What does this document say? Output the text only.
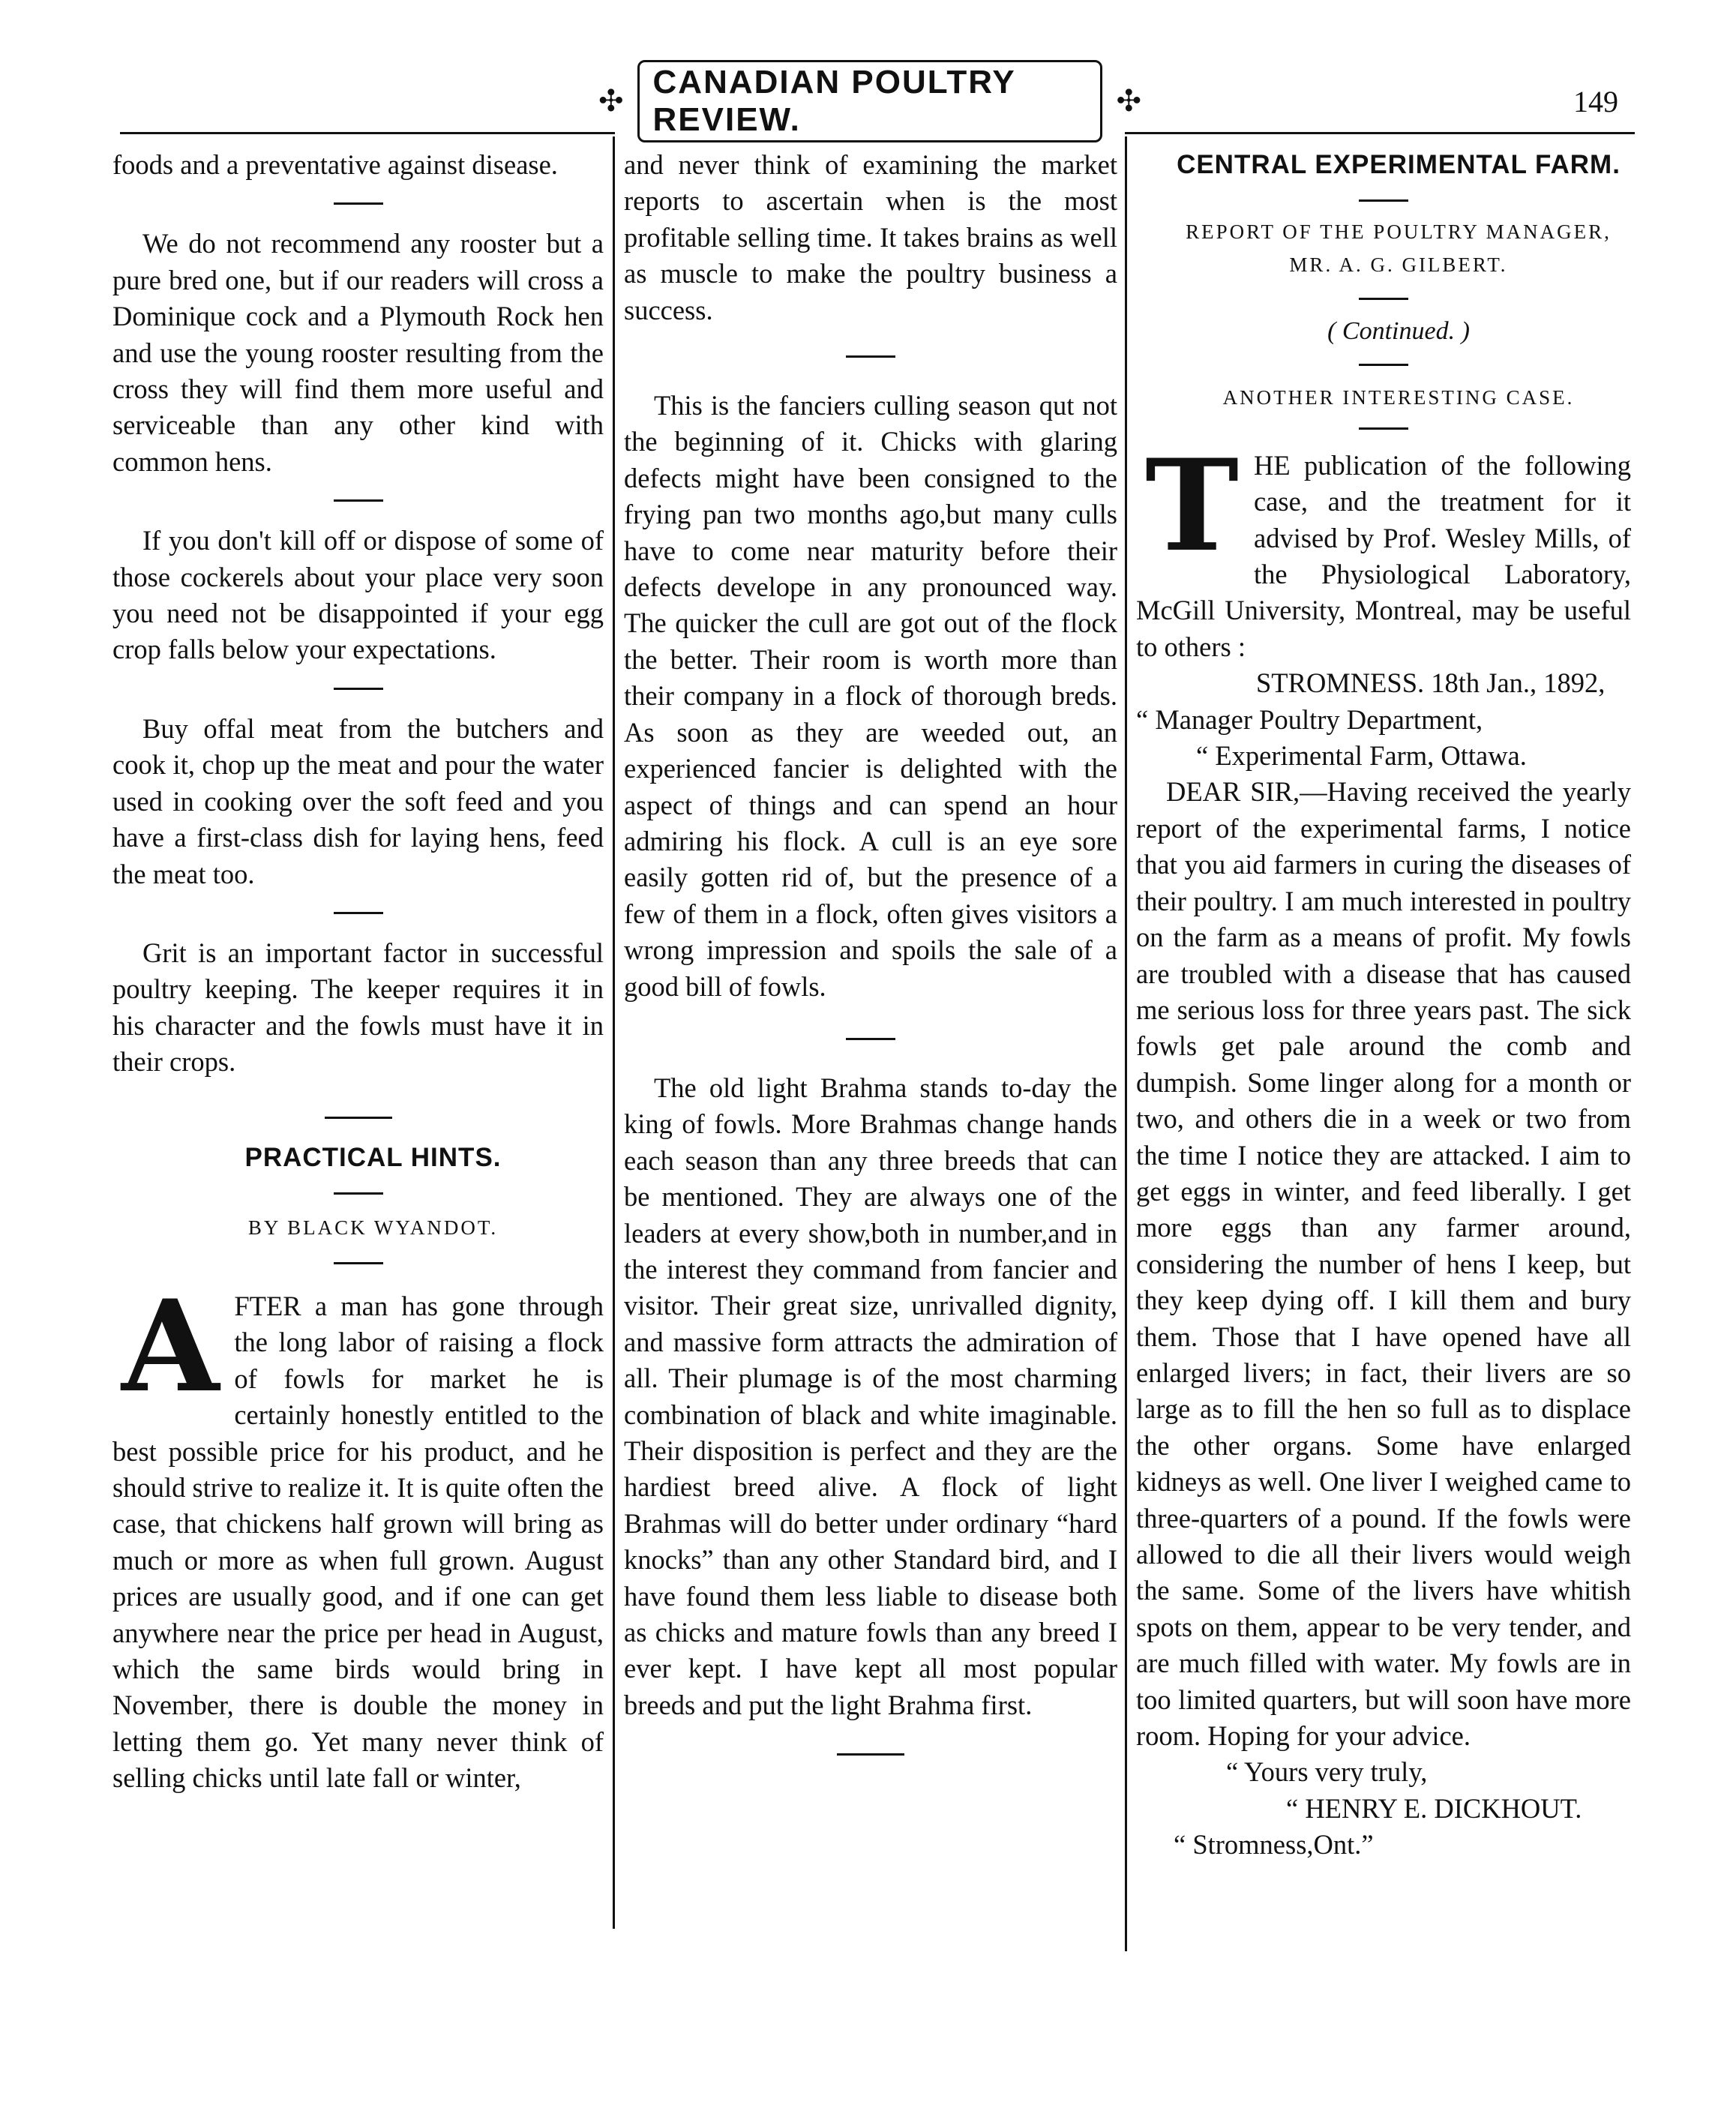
✣
CANADIAN POULTRY REVIEW.	✣	149

foods and a preventative against disease.

We do not recommend any rooster but a pure bred one, but if our readers will cross a Dominique cock and a Plymouth Rock hen and use the young rooster resulting from the cross they will find them more useful and serviceable than any other kind with common hens.

If you don't kill off or dispose of some of those cockerels about your place very soon you need not be disappointed if your egg crop falls below your expectations.

Buy offal meat from the butchers and cook it, chop up the meat and pour the water used in cooking over the soft feed and you have a first-class dish for laying hens, feed the meat too.

Grit is an important factor in successful poultry keeping. The keeper requires it in his character and the fowls must have it in their crops.

PRACTICAL HINTS.

BY BLACK WYANDOT.

A FTER a man has gone through the long labor of raising a flock of fowls for market he is certainly honestly entitled to the best possible price for his product, and he should strive to realize it. It is quite often the case, that chickens half grown will bring as much or more as when full grown. August prices are usually good, and if one can get anywhere near the price per head in August, which the same birds would bring in November, there is double the money in letting them go. Yet many never think of selling chicks until late fall or winter,

and never think of examining the market reports to ascertain when is the most profitable selling time. It takes brains as well as muscle to make the poultry business a success.

This is the fanciers culling season qut not the beginning of it. Chicks with glaring defects might have been consigned to the frying pan two months ago,but many culls have to come near maturity before their defects develope in any pronounced way. The quicker the cull are got out of the flock the better. Their room is worth more than their company in a flock of thorough breds. As soon as they are weeded out, an experienced fancier is delighted with the aspect of things and can spend an hour admiring his flock. A cull is an eye sore easily gotten rid of, but the presence of a few of them in a flock, often gives visitors a wrong impression and spoils the sale of a good bill of fowls.

The old light Brahma stands to-day the king of fowls. More Brahmas change hands each season than any three breeds that can be mentioned. They are always one of the leaders at every show,both in number,and in the interest they command from fancier and visitor. Their great size, unrivalled dignity, and massive form attracts the admiration of all. Their plumage is of the most charming combination of black and white imaginable. Their disposition is perfect and they are the hardiest breed alive. A flock of light Brahmas will do better under ordinary “hard knocks” than any other Standard bird, and I have found them less liable to disease both as chicks and mature fowls than any breed I ever kept. I have kept all most popular breeds and put the light Brahma first.

CENTRAL EXPERIMENTAL FARM.

REPORT OF THE POULTRY MANAGER,

MR. A. G. GILBERT.

( Continued. )

ANOTHER INTERESTING CASE.

T HE publication of the following case, and the treatment for it advised by Prof. Wesley Mills, of the Physiological Laboratory, McGill University, Montreal, may be useful to others :

STROMNESS. 18th Jan., 1892,

“ Manager Poultry Department,

“ Experimental Farm, Ottawa.

DEAR SIR,—Having received the yearly report of the experimental farms, I notice that you aid farmers in curing the diseases of their poultry. I am much interested in poultry on the farm as a means of profit. My fowls are troubled with a disease that has caused me serious loss for three years past. The sick fowls get pale around the comb and dumpish. Some linger along for a month or two, and others die in a week or two from the time I notice they are attacked. I aim to get eggs in winter, and feed liberally. I get more eggs than any farmer around, considering the number of hens I keep, but they keep dying off. I kill them and bury them. Those that I have opened have all enlarged livers; in fact, their livers are so large as to fill the hen so full as to displace the other organs. Some have enlarged kidneys as well. One liver I weighed came to three-quarters of a pound. If the fowls were allowed to die all their livers would weigh the same. Some of the livers have whitish spots on them, appear to be very tender, and are much filled with water. My fowls are in too limited quarters, but will soon have more room. Hoping for your advice.

“ Yours very truly,

“ HENRY E. DICKHOUT.

“ Stromness,Ont.”
